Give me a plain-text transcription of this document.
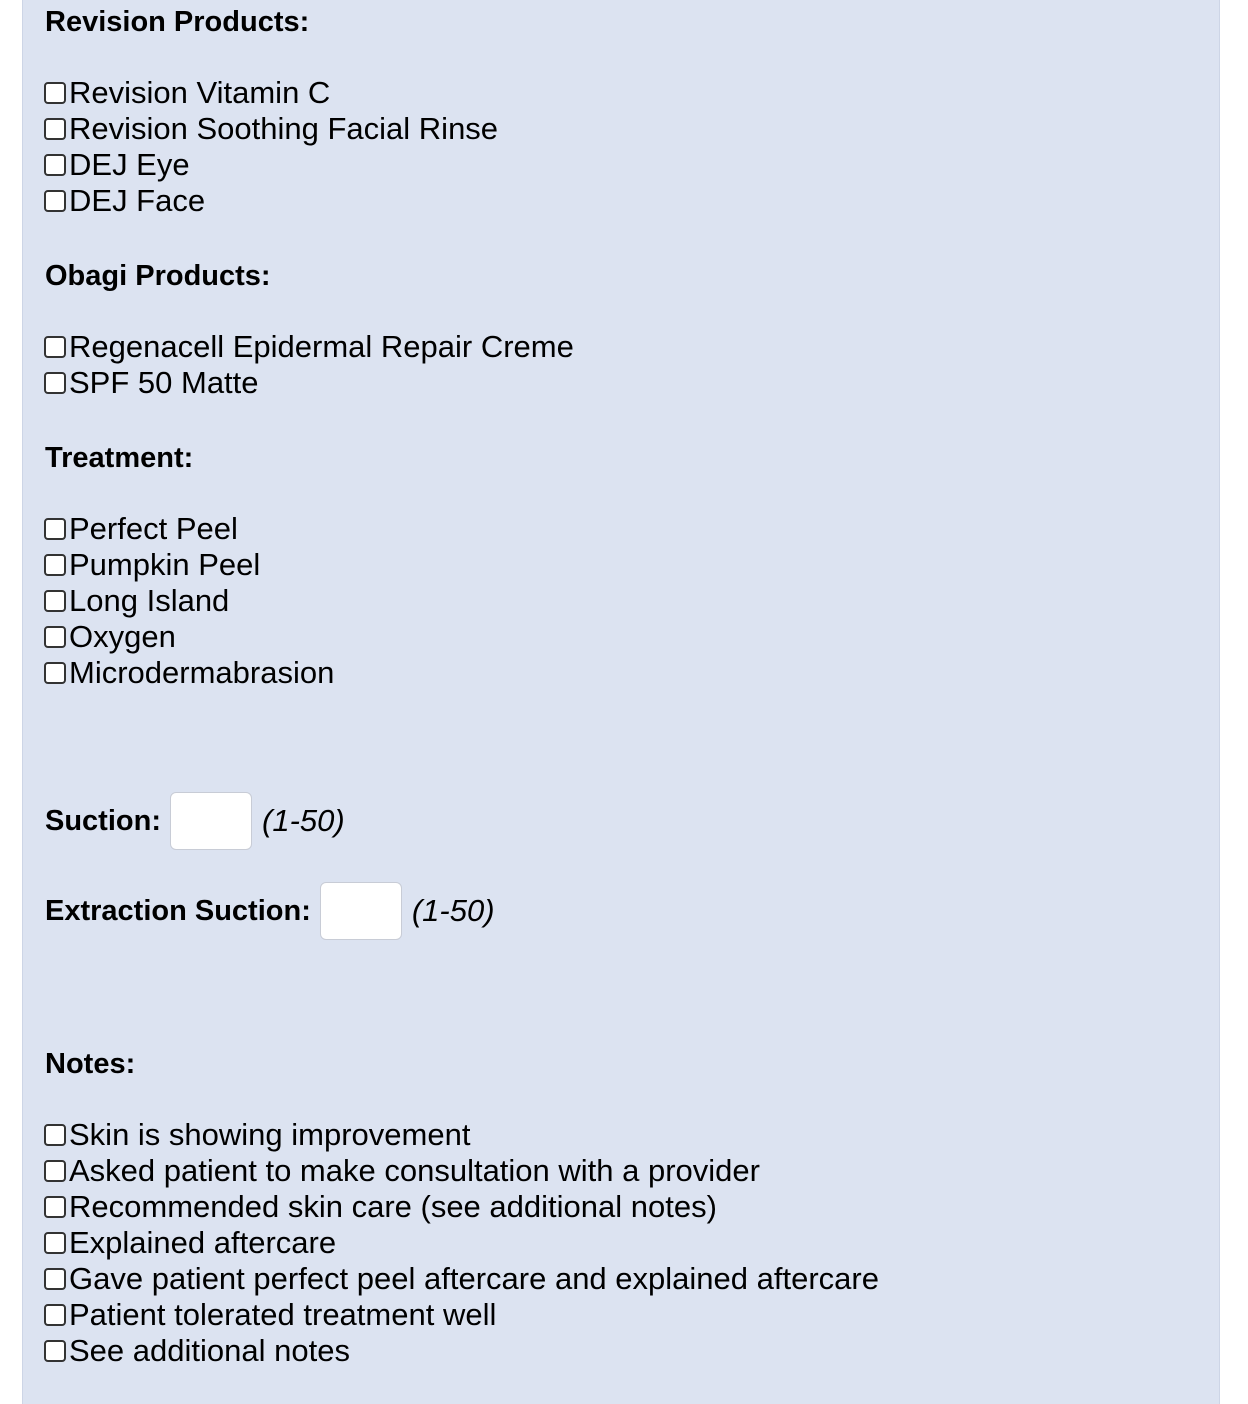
Revision Products:
Revision Vitamin C
Revision Soothing Facial Rinse
DEJ Eye
DEJ Face
Obagi Products:
Regenacell Epidermal Repair Creme
SPF 50 Matte
Treatment:
Perfect Peel
Pumpkin Peel
Long Island
Oxygen
Microdermabrasion
Suction:	(1-50)
Extraction Suction:	(1-50)
Notes:
Skin is showing improvement
Asked patient to make consultation with a provider
Recommended skin care (see additional notes)
Explained aftercare
Gave patient perfect peel aftercare and explained aftercare
Patient tolerated treatment well
See additional notes
